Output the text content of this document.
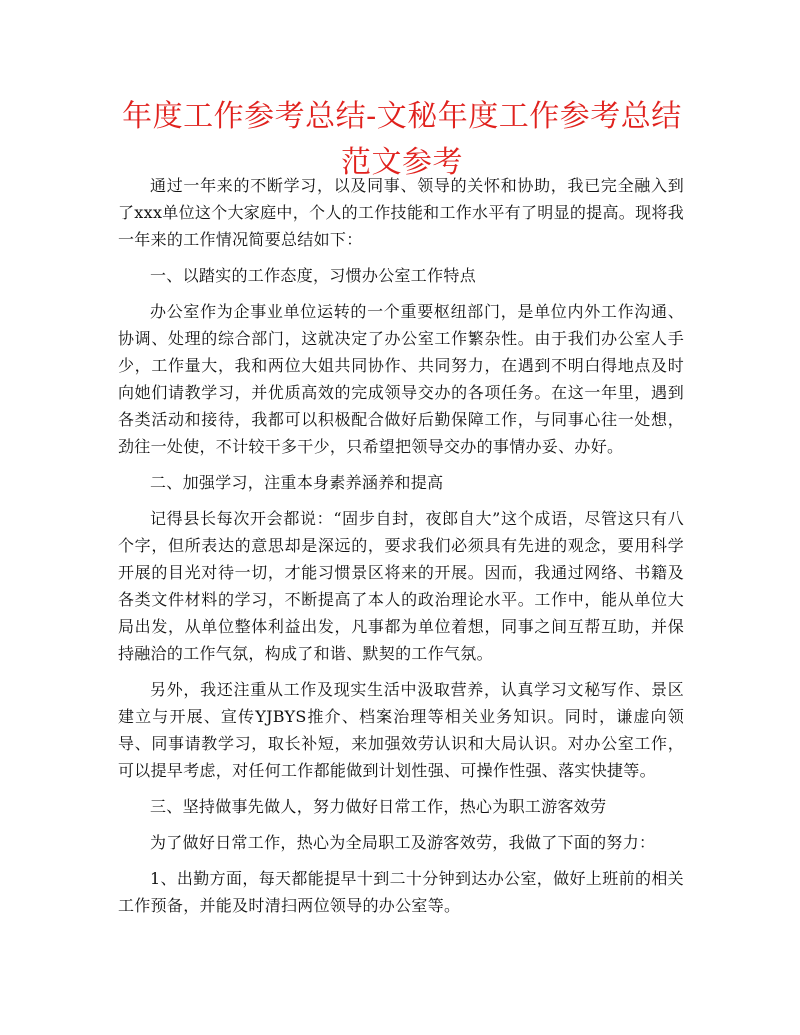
年度工作参考总结-文秘年度工作参考总结范文参考

通过一年来的不断学习，以及同事、领导的关怀和协助，我已完全融入到了xxx单位这个大家庭中，个人的工作技能和工作水平有了明显的提高。现将我一年来的工作情况简要总结如下：

一、以踏实的工作态度，习惯办公室工作特点

办公室作为企事业单位运转的一个重要枢纽部门，是单位内外工作沟通、协调、处理的综合部门，这就决定了办公室工作繁杂性。由于我们办公室人手少，工作量大，我和两位大姐共同协作、共同努力，在遇到不明白得地点及时向她们请教学习，并优质高效的完成领导交办的各项任务。在这一年里，遇到各类活动和接待，我都可以积极配合做好后勤保障工作，与同事心往一处想，劲往一处使，不计较干多干少，只希望把领导交办的事情办妥、办好。

二、加强学习，注重本身素养涵养和提高

记得县长每次开会都说：“固步自封，夜郎自大”这个成语，尽管这只有八个字，但所表达的意思却是深远的，要求我们必须具有先进的观念，要用科学开展的目光对待一切，才能习惯景区将来的开展。因而，我通过网络、书籍及各类文件材料的学习，不断提高了本人的政治理论水平。工作中，能从单位大局出发，从单位整体利益出发，凡事都为单位着想，同事之间互帮互助，并保持融洽的工作气氛，构成了和谐、默契的工作气氛。

另外，我还注重从工作及现实生活中汲取营养，认真学习文秘写作、景区建立与开展、宣传YJBYS推介、档案治理等相关业务知识。同时，谦虚向领导、同事请教学习，取长补短，来加强效劳认识和大局认识。对办公室工作，可以提早考虑，对任何工作都能做到计划性强、可操作性强、落实快捷等。

三、坚持做事先做人，努力做好日常工作，热心为职工游客效劳

为了做好日常工作，热心为全局职工及游客效劳，我做了下面的努力：

1、出勤方面，每天都能提早十到二十分钟到达办公室，做好上班前的相关工作预备，并能及时清扫两位领导的办公室等。
